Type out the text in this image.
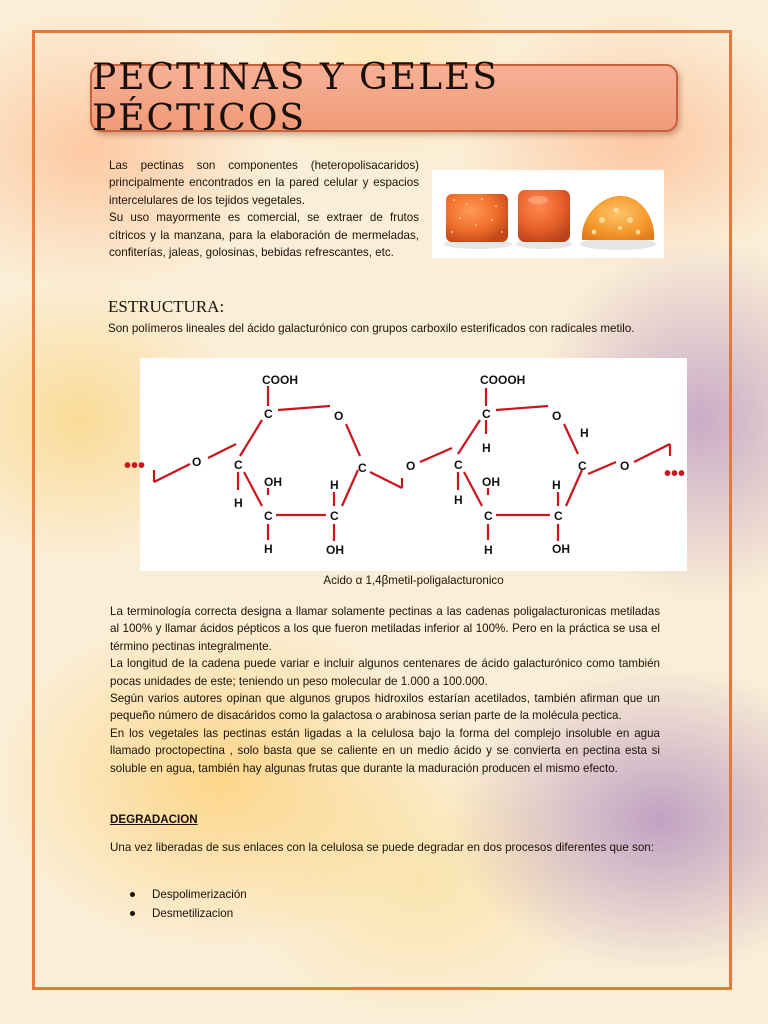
PECTINAS Y GELES PÉCTICOS

Las pectinas son componentes (heteropolisacaridos) principalmente encontrados en la pared celular y espacios intercelulares de los tejidos vegetales.

Su uso mayormente es comercial, se extraer de frutos cítricos y la manzana, para la elaboración de mermeladas, confiterías, jaleas, golosinas, bebidas refrescantes, etc.

ESTRUCTURA:

Son polímeros lineales del ácido galacturónico con grupos carboxilo esterificados con radicales metilo.

•••	•••
O	O	O
COOH
C	O
C
H
OH
C
H
H
C
OH
C
COOOH
C
H
O
H
C
H
OH
C
H
H
C
OH
C
Acido α 1,4βmetil-poligalacturonico

La terminología correcta designa a llamar solamente pectinas a las cadenas poligalacturonicas metiladas al 100% y llamar ácidos pépticos a los que fueron metiladas inferior al 100%. Pero en la práctica se usa el término pectinas integralmente.

La longitud de la cadena puede variar e incluir algunos centenares de ácido galacturónico como también pocas unidades de este; teniendo un peso molecular de 1.000 a 100.000.

Según varios autores opinan que algunos grupos hidroxilos estarían acetilados, también afirman que un pequeño número de disacáridos como la galactosa o arabinosa serian parte de la molécula pectica.

En los vegetales las pectinas están ligadas a la celulosa bajo la forma del complejo insoluble en agua llamado proctopectina , solo basta que se caliente en un medio ácido y se convierta en pectina esta si soluble en agua, también hay algunas frutas que durante la maduración producen el mismo efecto.

DEGRADACION

Una vez liberadas de sus enlaces con la celulosa se puede degradar en dos procesos diferentes que son:

Despolimerización
Desmetilizacion
